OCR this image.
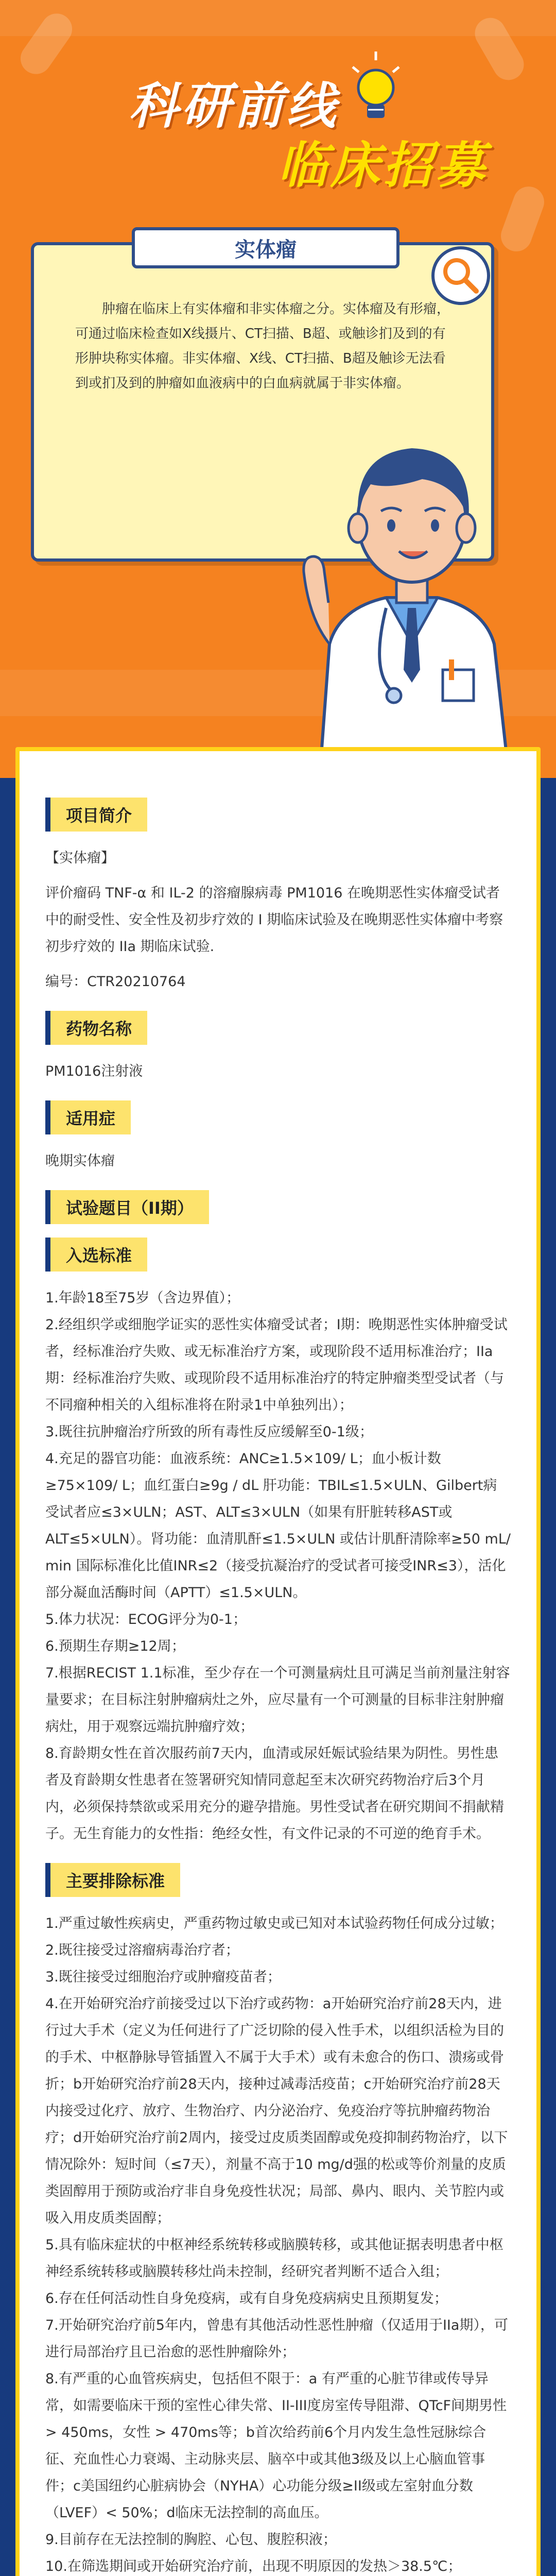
科研前线
临床招募
实体瘤
肿瘤在临床上有实体瘤和非实体瘤之分。实体瘤及有形瘤，可通过临床检查如X线摄片、CT扫描、B超、或触诊扪及到的有形肿块称实体瘤。非实体瘤、X线、CT扫描、B超及触诊无法看到或扪及到的肿瘤如血液病中的白血病就属于非实体瘤。
项目简介

【实体瘤】

评价瘤码 TNF-α 和 IL-2 的溶瘤腺病毒 PM1016 在晚期恶性实体瘤受试者中的耐受性、安全性及初步疗效的 I 期临床试验及在晚期恶性实体瘤中考察初步疗效的 IIa 期临床试验.

编号：CTR20210764

药物名称

PM1016注射液

适用症

晚期实体瘤

试验题目（II期）
入选标准

1.年龄18至75岁（含边界值）；

2.经组织学或细胞学证实的恶性实体瘤受试者；I期：晚期恶性实体肿瘤受试者，经标准治疗失败、或无标准治疗方案，或现阶段不适用标准治疗；IIa期：经标准治疗失败、或现阶段不适用标准治疗的特定肿瘤类型受试者（与不同瘤种相关的入组标准将在附录1中单独列出）；

3.既往抗肿瘤治疗所致的所有毒性反应缓解至0-1级；

4.充足的器官功能：血液系统：ANC≥1.5×109/ L；血小板计数≥75×109/ L；血红蛋白≥9g / dL 肝功能：TBIL≤1.5×ULN、Gilbert病受试者应≤3×ULN；AST、ALT≤3×ULN（如果有肝脏转移AST或ALT≤5×ULN）。肾功能：血清肌酐≤1.5×ULN 或估计肌酐清除率≥50 mL/ min 国际标准化比值INR≤2（接受抗凝治疗的受试者可接受INR≤3），活化部分凝血活酶时间（APTT）≤1.5×ULN。

5.体力状况：ECOG评分为0-1；

6.预期生存期≥12周；

7.根据RECIST 1.1标准，至少存在一个可测量病灶且可满足当前剂量注射容量要求；在目标注射肿瘤病灶之外，应尽量有一个可测量的目标非注射肿瘤病灶，用于观察远端抗肿瘤疗效；

8.育龄期女性在首次服药前7天内，血清或尿妊娠试验结果为阴性。男性患者及育龄期女性患者在签署研究知情同意起至末次研究药物治疗后3个月内，必须保持禁欲或采用充分的避孕措施。男性受试者在研究期间不捐献精子。无生育能力的女性指：绝经女性，有文件记录的不可逆的绝育手术。

主要排除标准

1.严重过敏性疾病史，严重药物过敏史或已知对本试验药物任何成分过敏；

2.既往接受过溶瘤病毒治疗者；

3.既往接受过细胞治疗或肿瘤疫苗者；

4.在开始研究治疗前接受过以下治疗或药物：a开始研究治疗前28天内，进行过大手术（定义为任何进行了广泛切除的侵入性手术，以组织活检为目的的手术、中枢静脉导管插置入不属于大手术）或有未愈合的伤口、溃疡或骨折；b开始研究治疗前28天内，接种过减毒活疫苗；c开始研究治疗前28天内接受过化疗、放疗、生物治疗、内分泌治疗、免疫治疗等抗肿瘤药物治疗；d开始研究治疗前2周内，接受过皮质类固醇或免疫抑制药物治疗，以下情况除外：短时间（≤7天），剂量不高于10 mg/d强的松或等价剂量的皮质类固醇用于预防或治疗非自身免疫性状况；局部、鼻内、眼内、关节腔内或吸入用皮质类固醇；

5.具有临床症状的中枢神经系统转移或脑膜转移，或其他证据表明患者中枢神经系统转移或脑膜转移灶尚未控制，经研究者判断不适合入组；

6.存在任何活动性自身免疫病，或有自身免疫病病史且预期复发；

7.开始研究治疗前5年内，曾患有其他活动性恶性肿瘤（仅适用于IIa期），可进行局部治疗且已治愈的恶性肿瘤除外；

8.有严重的心血管疾病史，包括但不限于：a 有严重的心脏节律或传导异常，如需要临床干预的室性心律失常、II-III度房室传导阻滞、QTcF间期男性 > 450ms，女性 > 470ms等；b首次给药前6个月内发生急性冠脉综合征、充血性心力衰竭、主动脉夹层、脑卒中或其他3级及以上心脑血管事件；c美国纽约心脏病协会（NYHA）心功能分级≥II级或左室射血分数（LVEF）< 50%；d临床无法控制的高血压。

9.目前存在无法控制的胸腔、心包、腹腔积液；

10.在筛选期间或开始研究治疗前，出现不明原因的发热＞38.5℃；
